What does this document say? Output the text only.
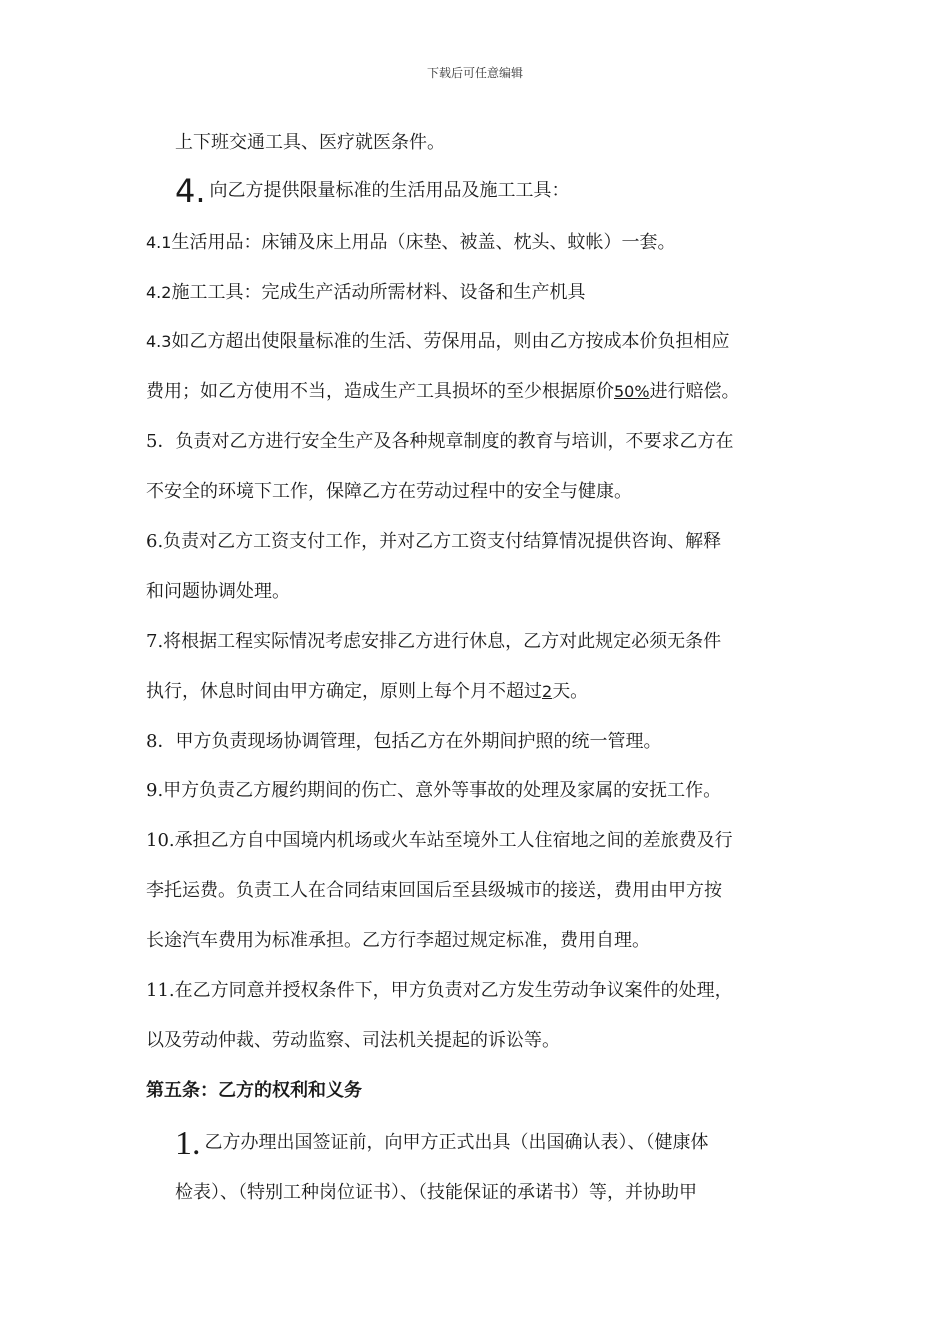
下载后可任意编辑
上下班交通工具、医疗就医条件。
4. 向乙方提供限量标准的生活用品及施工工具：
4.1生活用品：床铺及床上用品（床垫、被盖、枕头、蚊帐）一套。
4.2施工工具：完成生产活动所需材料、设备和生产机具
4.3如乙方超出使限量标准的生活、劳保用品，则由乙方按成本价负担相应
费用；如乙方使用不当，造成生产工具损坏的至少根据原价50%进行赔偿。
5．负责对乙方进行安全生产及各种规章制度的教育与培训，不要求乙方在
不安全的环境下工作，保障乙方在劳动过程中的安全与健康。
6.负责对乙方工资支付工作，并对乙方工资支付结算情况提供咨询、解释
和问题协调处理。
7.将根据工程实际情况考虑安排乙方进行休息，乙方对此规定必须无条件
执行，休息时间由甲方确定，原则上每个月不超过2天。
8．甲方负责现场协调管理，包括乙方在外期间护照的统一管理。
9.甲方负责乙方履约期间的伤亡、意外等事故的处理及家属的安抚工作。
10.承担乙方自中国境内机场或火车站至境外工人住宿地之间的差旅费及行
李托运费。负责工人在合同结束回国后至县级城市的接送，费用由甲方按
长途汽车费用为标准承担。乙方行李超过规定标准，费用自理。
11.在乙方同意并授权条件下，甲方负责对乙方发生劳动争议案件的处理，
以及劳动仲裁、劳动监察、司法机关提起的诉讼等。
第五条：乙方的权利和义务
1. 乙方办理出国签证前，向甲方正式出具（出国确认表）、（健康体
检表）、（特别工种岗位证书）、（技能保证的承诺书）等，并协助甲
